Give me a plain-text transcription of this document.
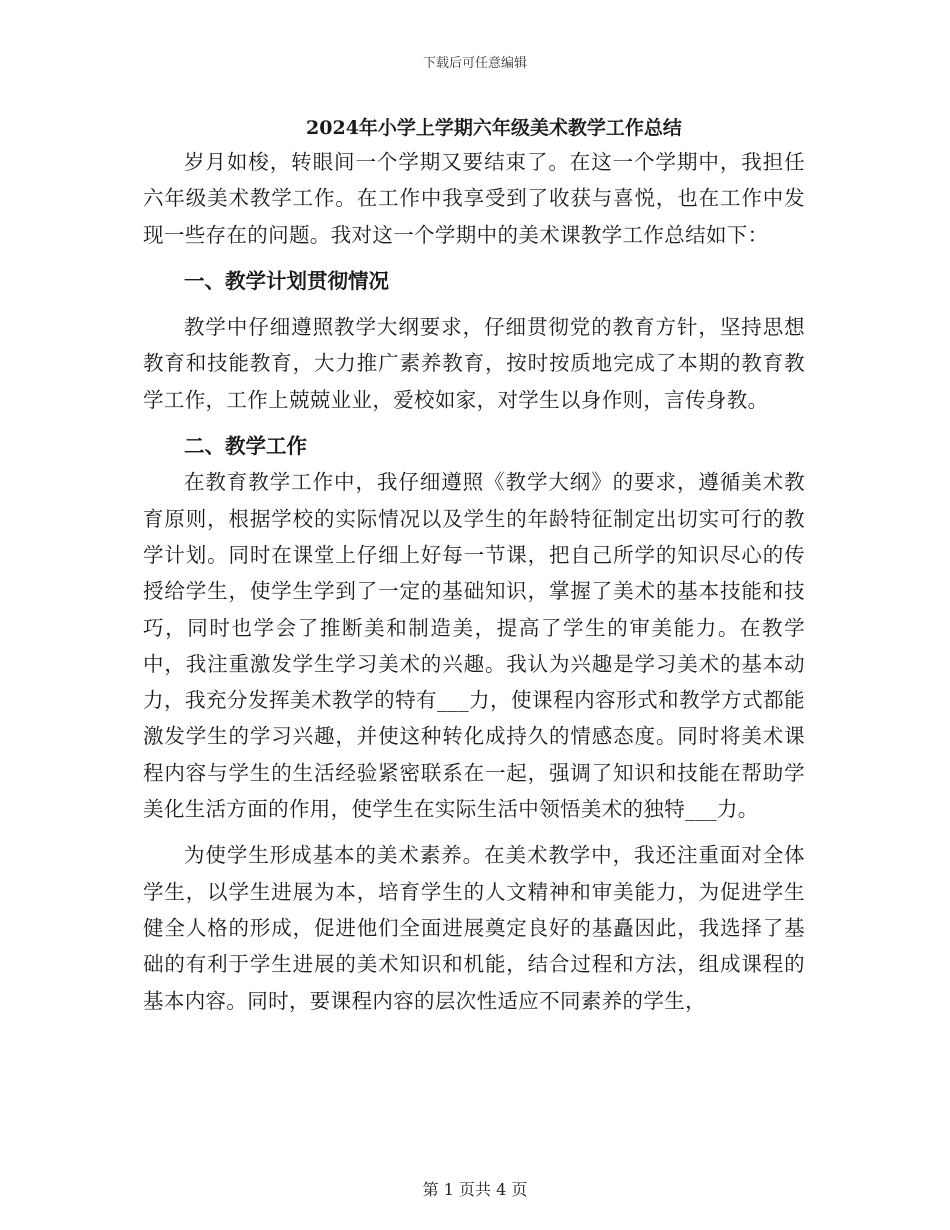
下载后可任意编辑
2024年小学上学期六年级美术教学工作总结

岁月如梭，转眼间一个学期又要结束了。在这一个学期中，我担任六年级美术教学工作。在工作中我享受到了收获与喜悦，也在工作中发现一些存在的问题。我对这一个学期中的美术课教学工作总结如下：

一、教学计划贯彻情况

教学中仔细遵照教学大纲要求，仔细贯彻党的教育方针，坚持思想教育和技能教育，大力推广素养教育，按时按质地完成了本期的教育教学工作，工作上兢兢业业，爱校如家，对学生以身作则，言传身教。

二、教学工作

在教育教学工作中，我仔细遵照《教学大纲》的要求，遵循美术教育原则，根据学校的实际情况以及学生的年龄特征制定出切实可行的教学计划。同时在课堂上仔细上好每一节课，把自己所学的知识尽心的传授给学生，使学生学到了一定的基础知识，掌握了美术的基本技能和技巧，同时也学会了推断美和制造美，提高了学生的审美能力。在教学中，我注重激发学生学习美术的兴趣。我认为兴趣是学习美术的基本动力，我充分发挥美术教学的特有___力，使课程内容形式和教学方式都能激发学生的学习兴趣，并使这种转化成持久的情感态度。同时将美术课程内容与学生的生活经验紧密联系在一起，强调了知识和技能在帮助学美化生活方面的作用，使学生在实际生活中领悟美术的独特___力。

为使学生形成基本的美术素养。在美术教学中，我还注重面对全体学生，以学生进展为本，培育学生的人文精神和审美能力，为促进学生健全人格的形成，促进他们全面进展奠定良好的基矗因此，我选择了基础的有利于学生进展的美术知识和机能，结合过程和方法，组成课程的基本内容。同时，要课程内容的层次性适应不同素养的学生，

第 1 页共 4 页
